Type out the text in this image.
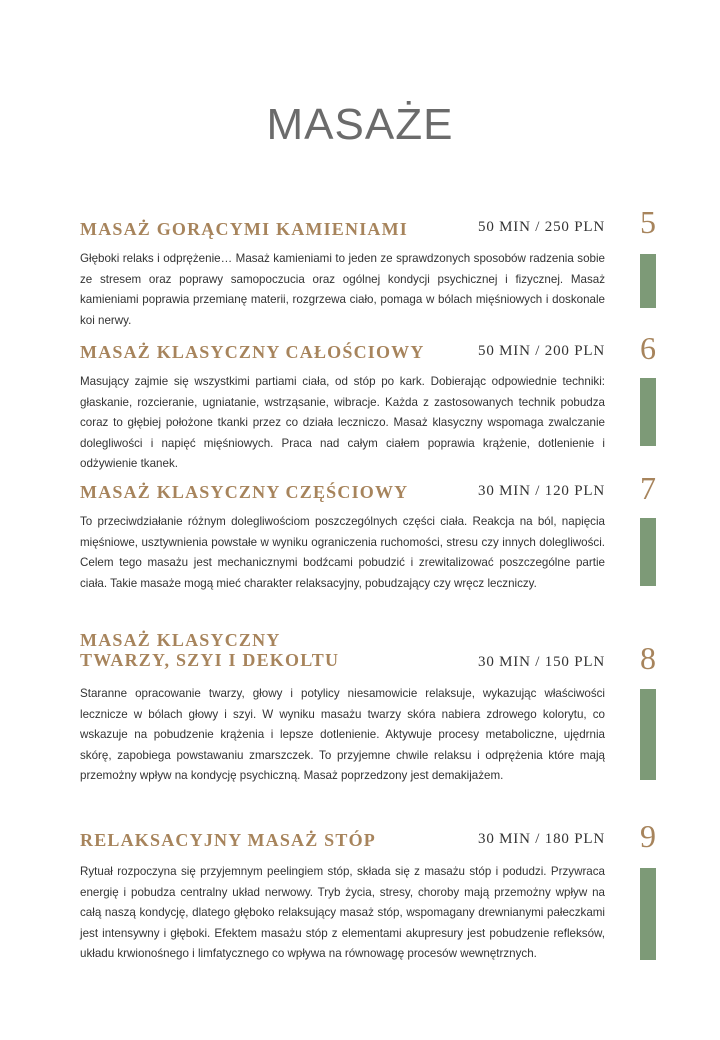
MASAŻE
MASAŻ GORĄCYMI KAMIENIAMI	50 MIN / 250 PLN
Głęboki relaks i odprężenie… Masaż kamieniami to jeden ze sprawdzonych sposobów radzenia sobie ze stresem oraz poprawy samopoczucia oraz ogólnej kondycji psychicznej i fizycznej. Masaż kamieniami poprawia przemianę materii, rozgrzewa ciało, pomaga w bólach mięśniowych i doskonale koi nerwy.
5
MASAŻ KLASYCZNY CAŁOŚCIOWY	50 MIN / 200 PLN
Masujący zajmie się wszystkimi partiami ciała, od stóp po kark. Dobierając odpowiednie techniki: głaskanie, rozcieranie, ugniatanie, wstrząsanie, wibracje. Każda z zastosowanych technik pobudza coraz to głębiej położone tkanki przez co działa leczniczo. Masaż klasyczny wspomaga zwalczanie dolegliwości i napięć mięśniowych. Praca nad całym ciałem poprawia krążenie, dotlenienie i odżywienie tkanek.
6
MASAŻ KLASYCZNY CZĘŚCIOWY	30 MIN / 120 PLN
To przeciwdziałanie różnym dolegliwościom poszczególnych części ciała. Reakcja na ból, napięcia mięśniowe, usztywnienia powstałe w wyniku ograniczenia ruchomości, stresu czy innych dolegliwości. Celem tego masażu jest mechanicznymi bodźcami pobudzić i zrewitalizować poszczególne partie ciała. Takie masaże mogą mieć charakter relaksacyjny, pobudzający czy wręcz leczniczy.
7
MASAŻ KLASYCZNY
TWARZY, SZYI I DEKOLTU	30 MIN / 150 PLN
Staranne opracowanie twarzy, głowy i potylicy niesamowicie relaksuje, wykazując właściwości lecznicze w bólach głowy i szyi. W wyniku masażu twarzy skóra nabiera zdrowego kolorytu, co wskazuje na pobudzenie krążenia i lepsze dotlenienie. Aktywuje procesy metaboliczne, ujędrnia skórę, zapobiega powstawaniu zmarszczek. To przyjemne chwile relaksu i odprężenia które mają przemożny wpływ na kondycję psychiczną. Masaż poprzedzony jest demakijażem.
8
RELAKSACYJNY MASAŻ STÓP	30 MIN / 180 PLN
Rytuał rozpoczyna się przyjemnym peelingiem stóp, składa się z masażu stóp i podudzi. Przywraca energię i pobudza centralny układ nerwowy. Tryb życia, stresy, choroby mają przemożny wpływ na całą naszą kondycję, dlatego głęboko relaksujący masaż stóp, wspomagany drewnianymi pałeczkami jest intensywny i głęboki. Efektem masażu stóp z elementami akupresury jest pobudzenie refleksów, układu krwionośnego i limfatycznego co wpływa na równowagę procesów wewnętrznych.
9
